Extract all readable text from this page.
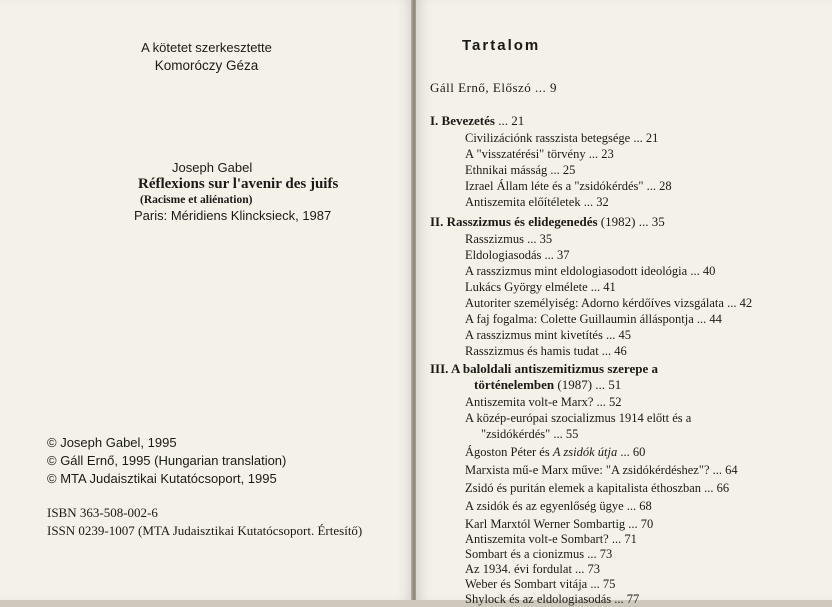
A kötetet szerkesztette
Komoróczy Géza
Joseph Gabel
Réflexions sur l'avenir des juifs
(Racisme et aliénation)
Paris: Méridiens Klincksieck, 1987
© Joseph Gabel, 1995
© Gáll Ernő, 1995 (Hungarian translation)
© MTA Judaisztikai Kutatócsoport, 1995
ISBN 363-508-002-6
ISSN 0239-1007 (MTA Judaisztikai Kutatócsoport. Értesítő)
Tartalom
Gáll Ernő, Előszó ... 9
I. Bevezetés ... 21
Civilizációnk rasszista betegsége ... 21
A "visszatérési" törvény ... 23
Ethnikai másság ... 25
Izrael Állam léte és a "zsidókérdés" ... 28
Antiszemita előítéletek ... 32
II. Rasszizmus és elidegenedés (1982) ... 35
Rasszizmus ... 35
Eldologiasodás ... 37
A rasszizmus mint eldologiasodott ideológia ... 40
Lukács György elmélete ... 41
Autoriter személyiség: Adorno kérdőíves vizsgálata ... 42
A faj fogalma: Colette Guillaumin álláspontja ... 44
A rasszizmus mint kivetítés ... 45
Rasszizmus és hamis tudat ... 46
III. A baloldali antiszemitizmus szerepe a
történelemben (1987) ... 51
Antiszemita volt-e Marx? ... 52
A közép-európai szocializmus 1914 előtt és a
"zsidókérdés" ... 55
Ágoston Péter és A zsidók útja ... 60
Marxista mű-e Marx műve: "A zsidókérdéshez"? ... 64
Zsidó és puritán elemek a kapitalista éthoszban ... 66
A zsidók és az egyenlőség ügye ... 68
Karl Marxtól Werner Sombartig ... 70
Antiszemita volt-e Sombart? ... 71
Sombart és a cionizmus ... 73
Az 1934. évi fordulat ... 73
Weber és Sombart vitája ... 75
Shylock és az eldologiasodás ... 77
